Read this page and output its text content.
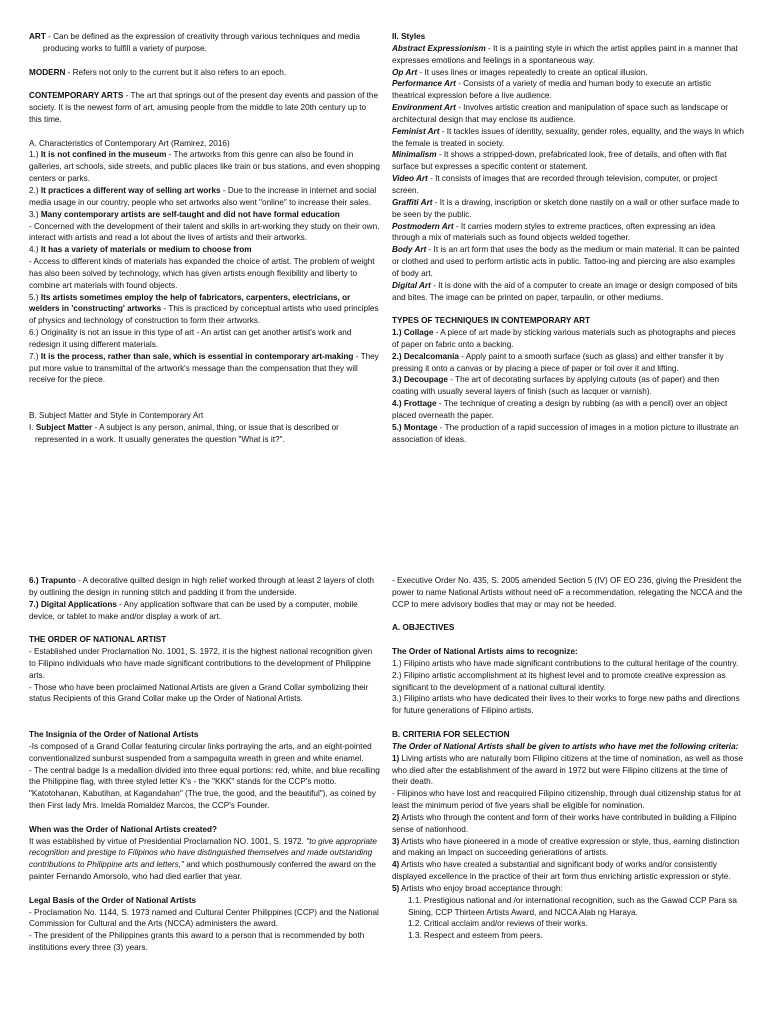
ART - Can be defined as the expression of creativity through various techniques and media producing works to fulfill a variety of purpose.

MODERN - Refers not only to the current but it also refers to an epoch.

CONTEMPORARY ARTS - The art that springs out of the present day events and passion of the society. It is the newest form of art, amusing people from the middle to late 20th century up to this time.

A. Characteristics of Contemporary Art (Ramirez, 2016)

1.) It is not confined in the museum - The artworks from this genre can also be found in galleries, art schools, side streets, and public places like train or bus stations, and even shopping centers or parks.

2.) It practices a different way of selling art works - Due to the increase in internet and social media usage in our country, people who set artworks also went "online" to increase their sales.

3.) Many contemporary artists are self-taught and did not have formal education

- Concerned with the development of their talent and skills in art-working they study on their own, interact with artists and read a lot about the lives of artists and their artworks.

4.) It has a variety of materials or medium to choose from

- Access to different kinds of materials has expanded the choice of artist. The problem of weight has also been solved by technology, which has given artists enough flexibility and liberty to combine art materials with found objects.

5.) Its artists sometimes employ the help of fabricators, carpenters, electricians, or welders in 'constructing' artworks - This is practiced by conceptual artists who used principles of physics and technology of construction to form their artworks.

6.) Originality is not an issue in this type of art - An artist can get another artist's work and redesign it using different materials.

7.) It is the process, rather than sale, which is essential in contemporary art-making - They put more value to transmittal of the artwork's message than the compensation that they will receive for the piece.

B. Subject Matter and Style in Contemporary Art

I. Subject Matter - A subject is any person, animal, thing, or issue that is described or represented in a work. It usually generates the question "What is it?".

II. Styles

Abstract Expressionism - It is a painting style in which the artist applies paint in a manner that expresses emotions and feelings in a spontaneous way.

Op Art - It uses lines or images repeatedly to create an optical illusion.

Performance Art - Consists of a variety of media and human body to execute an artistic theatrical expression before a live audience.

Environment Art - Involves artistic creation and manipulation of space such as landscape or architectural design that may enclose its audience.

Feminist Art - It tackles issues of identity, sexuality, gender roles, equality, and the ways in which the female is treated in society.

Minimalism - It shows a stripped-down, prefabricated look, free of details, and often with flat surface but expresses a specific content or statement.

Video Art - It consists of images that are recorded through television, computer, or project screen.

Graffiti Art - It is a drawing, inscription or sketch done nastily on a wall or other surface made to be seen by the public.

Postmodern Art - It carries modern styles to extreme practices, often expressing an idea through a mix of materials such as found objects welded together.

Body Art - It is an art form that uses the body as the medium or main material. It can be painted or clothed and used to perform artistic acts in public. Tattoo-ing and piercing are also examples of body art.

Digital Art - It is done with the aid of a computer to create an image or design composed of bits and bites. The image can be printed on paper, tarpaulin, or other mediums.

TYPES OF TECHNIQUES IN CONTEMPORARY ART

1.) Collage - A piece of art made by sticking various materials such as photographs and pieces of paper on fabric onto a backing.

2.) Decalcomania - Apply paint to a smooth surface (such as glass) and either transfer it by pressing it onto a canvas or by placing a piece of paper or foil over it and lifting.

3.) Decoupage - The art of decorating surfaces by applying cutouts (as of paper) and then coating with usually several layers of finish (such as lacquer or varnish).

4.) Frottage - The technique of creating a design by rubbing (as with a pencil) over an object placed overneath the paper.

5.) Montage - The production of a rapid succession of images in a motion picture to illustrate an association of ideas.

6.) Trapunto - A decorative quilted design in high relief worked through at least 2 layers of cloth by outlining the design in running stitch and padding it from the underside.

7.) Digital Applications - Any application software that can be used by a computer, mobile device, or tablet to make and/or display a work of art.

THE ORDER OF NATIONAL ARTIST

- Established under Proclamation No. 1001, S. 1972, it is the highest national recognition given to Filipino individuals who have made significant contributions to the development of Philippine arts.

- Those who have been proclaimed National Artists are given a Grand Collar symbolizing their status Recipients of this Grand Collar make up the Order of National Artists.

The Insignia of the Order of National Artists

-Is composed of a Grand Collar featuring circular links portraying the arts, and an eight-pointed conventionalized sunburst suspended from a sampaguita wreath in green and white enamel.

- The central badge Is a medallion divided into three equal portions: red, white, and blue recalling the Philippine flag, with three styled letter K's - the "KKK" stands for the CCP's motto. "Katotohanan, Kabutihan, at Kagandahan" (The true, the good, and the beautiful"), as coined by then First lady Mrs. Imelda Romaldez Marcos, the CCP's Founder.

When was the Order of National Artists created?

It was established by virtue of Presidential Proclamation NO. 1001, S. 1972. "to give appropriate recognition and prestige to Filipinos who have distinguished themselves and made outstanding contributions to Philippine arts and letters," and which posthumously conferred the award on the painter Fernando Amorsolo, who had died earlier that year.

Legal Basis of the Order of National Artists

- Proclamation No. 1144, S. 1973 named and Cultural Center Philippines (CCP) and the National Commission for Cultural and the Arts (NCCA) administers the award.

- The president of the Philippines grants this award to a person that is recommended by both institutions every three (3) years.

- Executive Order No. 435, S. 2005 amended Section 5 (IV) OF EO 236, giving the President the power to name National Artists without need oF a recommendation, relegating the NCCA and the CCP to mere advisory bodies that may or may not be heeded.

A. OBJECTIVES

The Order of National Artists aims to recognize:

1.) Filipino artists who have made significant contributions to the cultural heritage of the country.

2.) Filipino artistic accomplishment at its highest level and to promote creative expression as significant to the development of a national cultural identity.

3.) Filipino artists who have dedicated their lives to their works to forge new paths and directions for future generations of Filipino artists.

B. CRITERIA FOR SELECTION

The Order of National Artists shall be given to artists who have met the following criteria:

1) Living artists who are naturally born Filipino citizens at the time of nomination, as well as those who died after the establishment of the award in 1972 but were Filipino citizens at the time of their death.

- Filipinos who have lost and reacquired Filipino citizenship, through dual citizenship status for at least the minimum period of five years shall be eligible for nomination.

2) Artists who through the content and form of their works have contributed in building a Filipino sense of nationhood.

3) Artists who have pioneered in a mode of creative expression or style, thus, earning distinction and making an Impact on succeeding generations of artists.

4) Artists who have created a substantial and significant body of works and/or consistently displayed excellence in the practice of their art form thus enriching artistic expression or style.

5) Artists who enjoy broad acceptance through:

1.1. Prestigious national and /or international recognition, such as the Gawad CCP Para sa Sining, CCP Thirteen Artists Award, and NCCA Alab ng Haraya.

1.2. Critical acclaim and/or reviews of their works.

1.3. Respect and esteem from peers.
